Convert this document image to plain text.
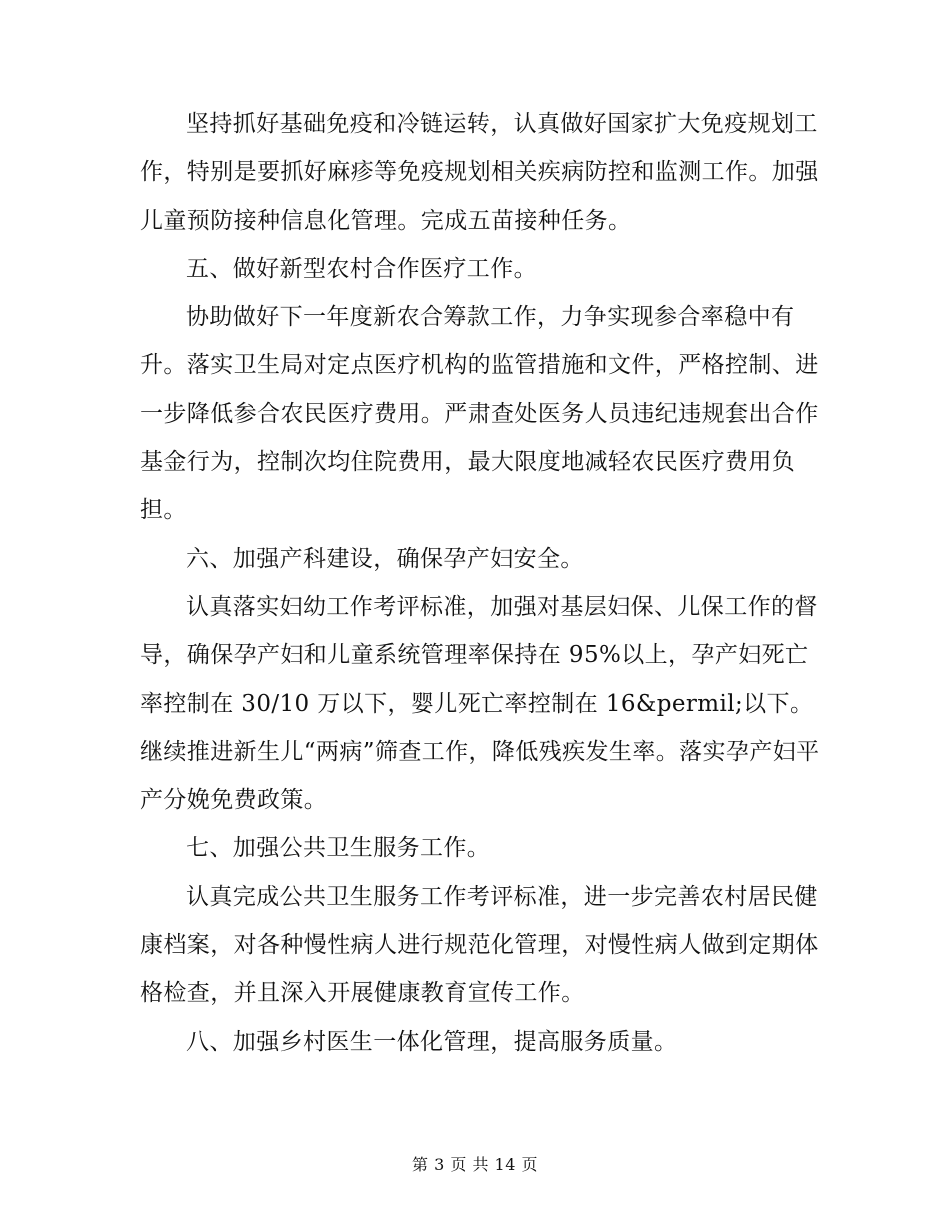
坚持抓好基础免疫和冷链运转，认真做好国家扩大免疫规划工作，特别是要抓好麻疹等免疫规划相关疾病防控和监测工作。加强儿童预防接种信息化管理。完成五苗接种任务。

五、做好新型农村合作医疗工作。

协助做好下一年度新农合筹款工作，力争实现参合率稳中有升。落实卫生局对定点医疗机构的监管措施和文件，严格控制、进一步降低参合农民医疗费用。严肃查处医务人员违纪违规套出合作基金行为，控制次均住院费用，最大限度地减轻农民医疗费用负担。

六、加强产科建设，确保孕产妇安全。

认真落实妇幼工作考评标准，加强对基层妇保、儿保工作的督导，确保孕产妇和儿童系统管理率保持在 95%以上，孕产妇死亡率控制在 30/10 万以下，婴儿死亡率控制在 16&permil;以下。继续推进新生儿“两病”筛查工作，降低残疾发生率。落实孕产妇平产分娩免费政策。

七、加强公共卫生服务工作。

认真完成公共卫生服务工作考评标准，进一步完善农村居民健康档案，对各种慢性病人进行规范化管理，对慢性病人做到定期体格检查，并且深入开展健康教育宣传工作。

八、加强乡村医生一体化管理，提高服务质量。

第 3 页 共 14 页
